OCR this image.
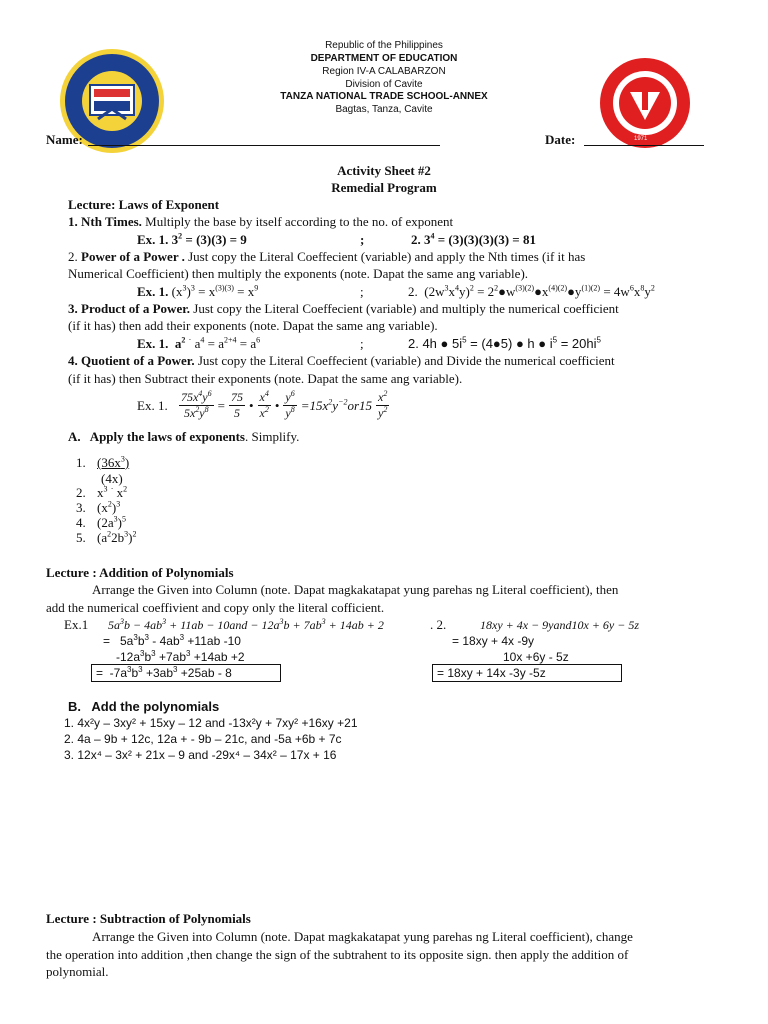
1971
Republic of the Philippines
DEPARTMENT OF EDUCATION
Region IV-A CALABARZON
Division of Cavite
TANZA NATIONAL TRADE SCHOOL-ANNEX
Bagtas, Tanza, Cavite
Name:	Date:
Activity Sheet #2
Remedial Program
Lecture: Laws of Exponent
1. Nth Times. Multiply the base by itself according to the no. of exponent
Ex. 1. $3^2 = (3)(3) = 9$	;	2. $3^4 = (3)(3)(3)(3) = 81$
2. Power of a Power . Just copy the Literal Coeffecient (variable) and apply the Nth times (if it has
Numerical Coefficient) then multiply the exponents (note. Dapat the same ang variable).
Ex. 1. $(x^3)^3 = x^{(3)(3)} = x^9$	;	2.  $(2w^3x^4y)^2$ = $2^2●w^{(3)(2)}●x^{(4)(2)}●y^{(1)(2)} = 4w^6x^8y^2$
3. Product of a Power. Just copy the Literal Coeffecient (variable) and multiply the numerical coefficient
(if it has) then add their exponents (note. Dapat the same ang variable).
Ex. 1. $a^2$ · $a^4 = a^{2+4} = a^6$	;	2. 4h ● $5i^5$ = (4●5) ● h ● $i^5 = 20hi^5$
4. Quotient of a Power. Just copy the Literal Coeffecient (variable) and Divide the numerical coefficient
(if it has) then Subtract their exponents (note. Dapat the same ang variable).
Ex. 1.
$\frac{75x^4y^6}{5x^2y^8} = \frac{75}{5}$ • $\frac{x^4}{x^2}$ • $\frac{y^6}{y^8} =15x^2y^{-2}or15 \frac{x^2}{y^2}$
A. Apply the laws of exponents. Simplify.
1. $(36x^3)$
(4x)
2. $x^3$ · $x^2$
3. $(x^2)^3$
4. $(2a^3)^5$
5. $(a^22b^3)^2$
Lecture : Addition of Polynomials
Arrange the Given into Column (note. Dapat magkakatapat yung parehas ng Literal coefficient), then
add the numerical coeffivient and copy only the literal cofficient.
Ex.1 $5a^3b - 4ab^3 + 11ab - 10and - 12a^3b + 7ab^3 + 14ab + 2$	. 2.	18xy + 4x − 9yand10x + 6y − 5z
=   $5a^3b^3 - 4ab^3 +11ab$ -10
$-12a^3b^3 +7ab^3 +14ab +2$
=  $-7a^3b^3 +3ab^3 +25ab - 8$
= 18xy + 4x -9y
10x +6y - 5z
= 18xy + 14x -3y -5z
B. Add the polynomials
1. 4x²y – 3xy² + 15xy – 12 and -13x²y + 7xy² +16xy +21
2. 4a – 9b + 12c, 12a + - 9b – 21c, and -5a +6b + 7c
3. 12x⁴ – 3x² + 21x – 9 and -29x⁴ – 34x² – 17x + 16
Lecture : Subtraction of Polynomials
Arrange the Given into Column (note. Dapat magkakatapat yung parehas ng Literal coefficient), change
the operation into addition ,then change the sign of the subtrahent to its opposite sign. then apply the addition of
polynomial.
